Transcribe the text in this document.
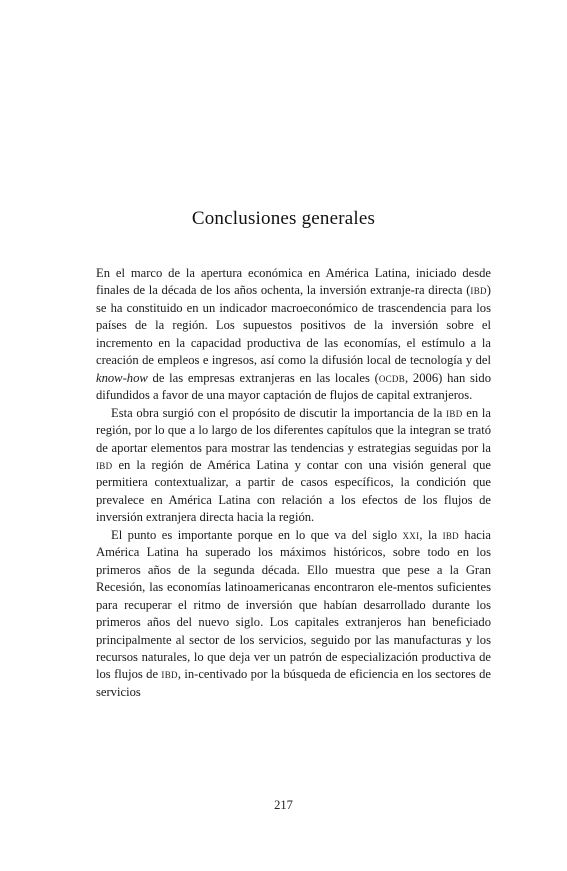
Conclusiones generales

En el marco de la apertura económica en América Latina, iniciado desde finales de la década de los años ochenta, la inversión extranje-ra directa (ibd) se ha constituido en un indicador macroeconómico de trascendencia para los países de la región. Los supuestos positivos de la inversión sobre el incremento en la capacidad productiva de las economías, el estímulo a la creación de empleos e ingresos, así como la difusión local de tecnología y del know-how de las empresas extranjeras en las locales (ocdb, 2006) han sido difundidos a favor de una mayor captación de flujos de capital extranjeros.

Esta obra surgió con el propósito de discutir la importancia de la ibd en la región, por lo que a lo largo de los diferentes capítulos que la integran se trató de aportar elementos para mostrar las tendencias y estrategias seguidas por la ibd en la región de América Latina y contar con una visión general que permitiera contextualizar, a partir de casos específicos, la condición que prevalece en América Latina con relación a los efectos de los flujos de inversión extranjera directa hacia la región.

El punto es importante porque en lo que va del siglo xxi, la ibd hacia América Latina ha superado los máximos históricos, sobre todo en los primeros años de la segunda década. Ello muestra que pese a la Gran Recesión, las economías latinoamericanas encontraron ele-mentos suficientes para recuperar el ritmo de inversión que habían desarrollado durante los primeros años del nuevo siglo. Los capitales extranjeros han beneficiado principalmente al sector de los servicios, seguido por las manufacturas y los recursos naturales, lo que deja ver un patrón de especialización productiva de los flujos de ibd, in-centivado por la búsqueda de eficiencia en los sectores de servicios

217
